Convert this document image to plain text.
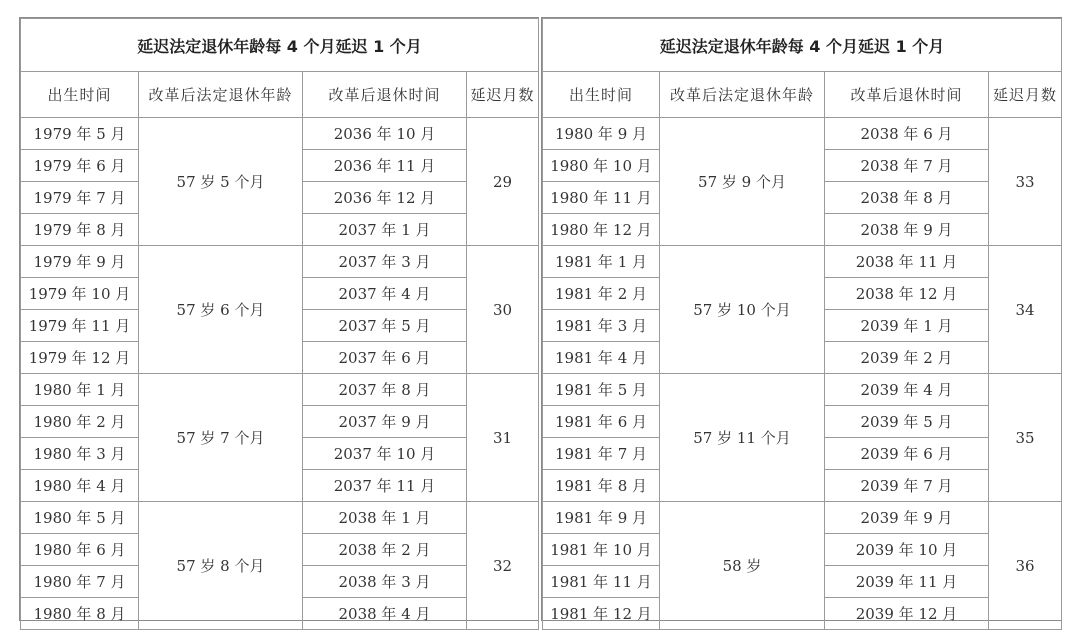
延迟法定退休年龄每 4 个月延迟 1 个月			
出生时间	改革后法定退休年龄	改革后退休时间	延迟月数
1979 年 5 月	57 岁 5 个月	2036 年 10 月	29
1979 年 6 月		2036 年 11 月	
1979 年 7 月		2036 年 12 月	
1979 年 8 月		2037 年 1 月	
1979 年 9 月	57 岁 6 个月	2037 年 3 月	30
1979 年 10 月		2037 年 4 月	
1979 年 11 月		2037 年 5 月	
1979 年 12 月		2037 年 6 月	
1980 年 1 月	57 岁 7 个月	2037 年 8 月	31
1980 年 2 月		2037 年 9 月	
1980 年 3 月		2037 年 10 月	
1980 年 4 月		2037 年 11 月	
1980 年 5 月	57 岁 8 个月	2038 年 1 月	32
1980 年 6 月		2038 年 2 月	
1980 年 7 月		2038 年 3 月	
1980 年 8 月		2038 年 4 月	
延迟法定退休年龄每 4 个月延迟 1 个月			
出生时间	改革后法定退休年龄	改革后退休时间	延迟月数
1980 年 9 月	57 岁 9 个月	2038 年 6 月	33
1980 年 10 月		2038 年 7 月	
1980 年 11 月		2038 年 8 月	
1980 年 12 月		2038 年 9 月	
1981 年 1 月	57 岁 10 个月	2038 年 11 月	34
1981 年 2 月		2038 年 12 月	
1981 年 3 月		2039 年 1 月	
1981 年 4 月		2039 年 2 月	
1981 年 5 月	57 岁 11 个月	2039 年 4 月	35
1981 年 6 月		2039 年 5 月	
1981 年 7 月		2039 年 6 月	
1981 年 8 月		2039 年 7 月	
1981 年 9 月	58 岁	2039 年 9 月	36
1981 年 10 月		2039 年 10 月	
1981 年 11 月		2039 年 11 月	
1981 年 12 月		2039 年 12 月	
